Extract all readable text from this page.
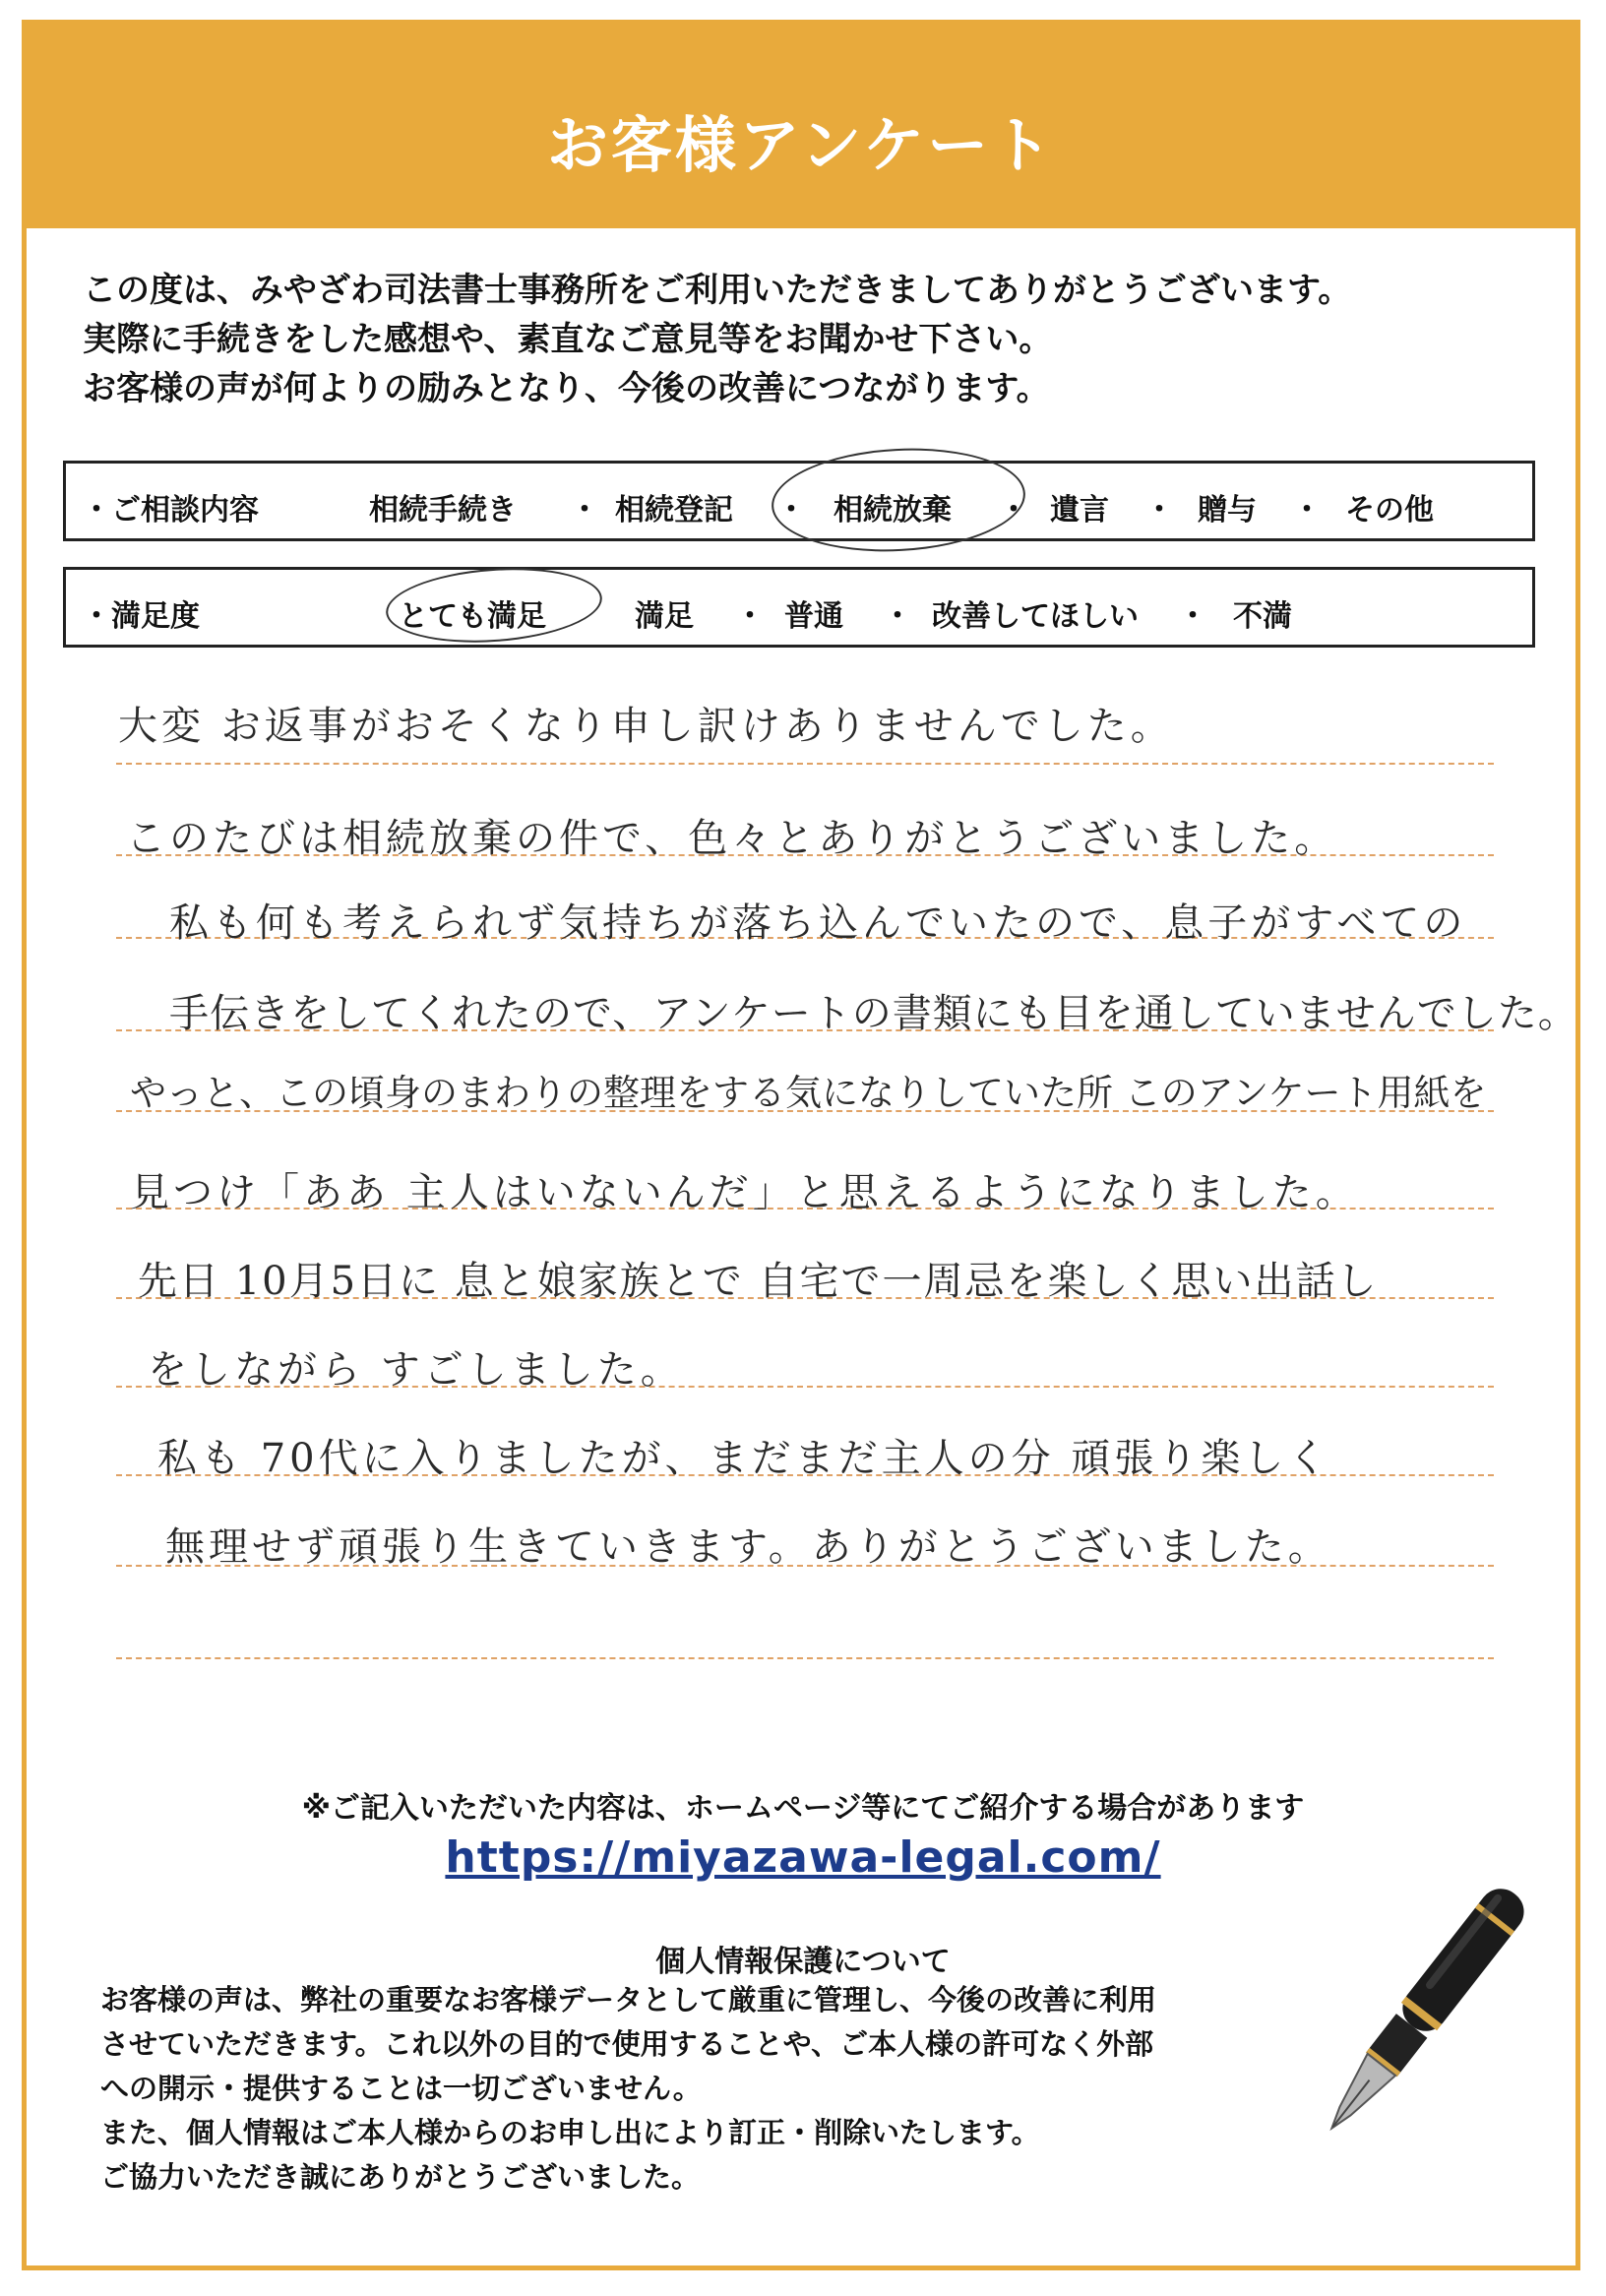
お客様アンケート
この度は、みやざわ司法書士事務所をご利用いただきましてありがとうございます。
実際に手続きをした感想や、素直なご意見等をお聞かせ下さい。
お客様の声が何よりの励みとなり、今後の改善につながります。
・ご相談内容	相続手続き ・ 相続登記 ・ 相続放棄 ・ 遺言 ・ 贈与 ・ その他
・満足度	とても満足	満足 ・ 普通 ・ 改善してほしい ・ 不満
大変 お返事がおそくなり申し訳けありませんでした。
このたびは相続放棄の件で、色々とありがとうございました。
私も何も考えられず気持ちが落ち込んでいたので、息子がすべての
手伝きをしてくれたので、アンケートの書類にも目を通していませんでした。
やっと、この頃身のまわりの整理をする気になりしていた所 このアンケート用紙を
見つけ「ああ 主人はいないんだ」と思えるようになりました。
先日 10月5日に 息と娘家族とで 自宅で一周忌を楽しく思い出話し
をしながら すごしました。
私も 70代に入りましたが、まだまだ主人の分 頑張り楽しく
無理せず頑張り生きていきます。ありがとうございました。
※ご記入いただいた内容は、ホームページ等にてご紹介する場合があります
https://miyazawa-legal.com/
個人情報保護について
お客様の声は、弊社の重要なお客様データとして厳重に管理し、今後の改善に利用
させていただきます。これ以外の目的で使用することや、ご本人様の許可なく外部
への開示・提供することは一切ございません。
また、個人情報はご本人様からのお申し出により訂正・削除いたします。
ご協力いただき誠にありがとうございました。
